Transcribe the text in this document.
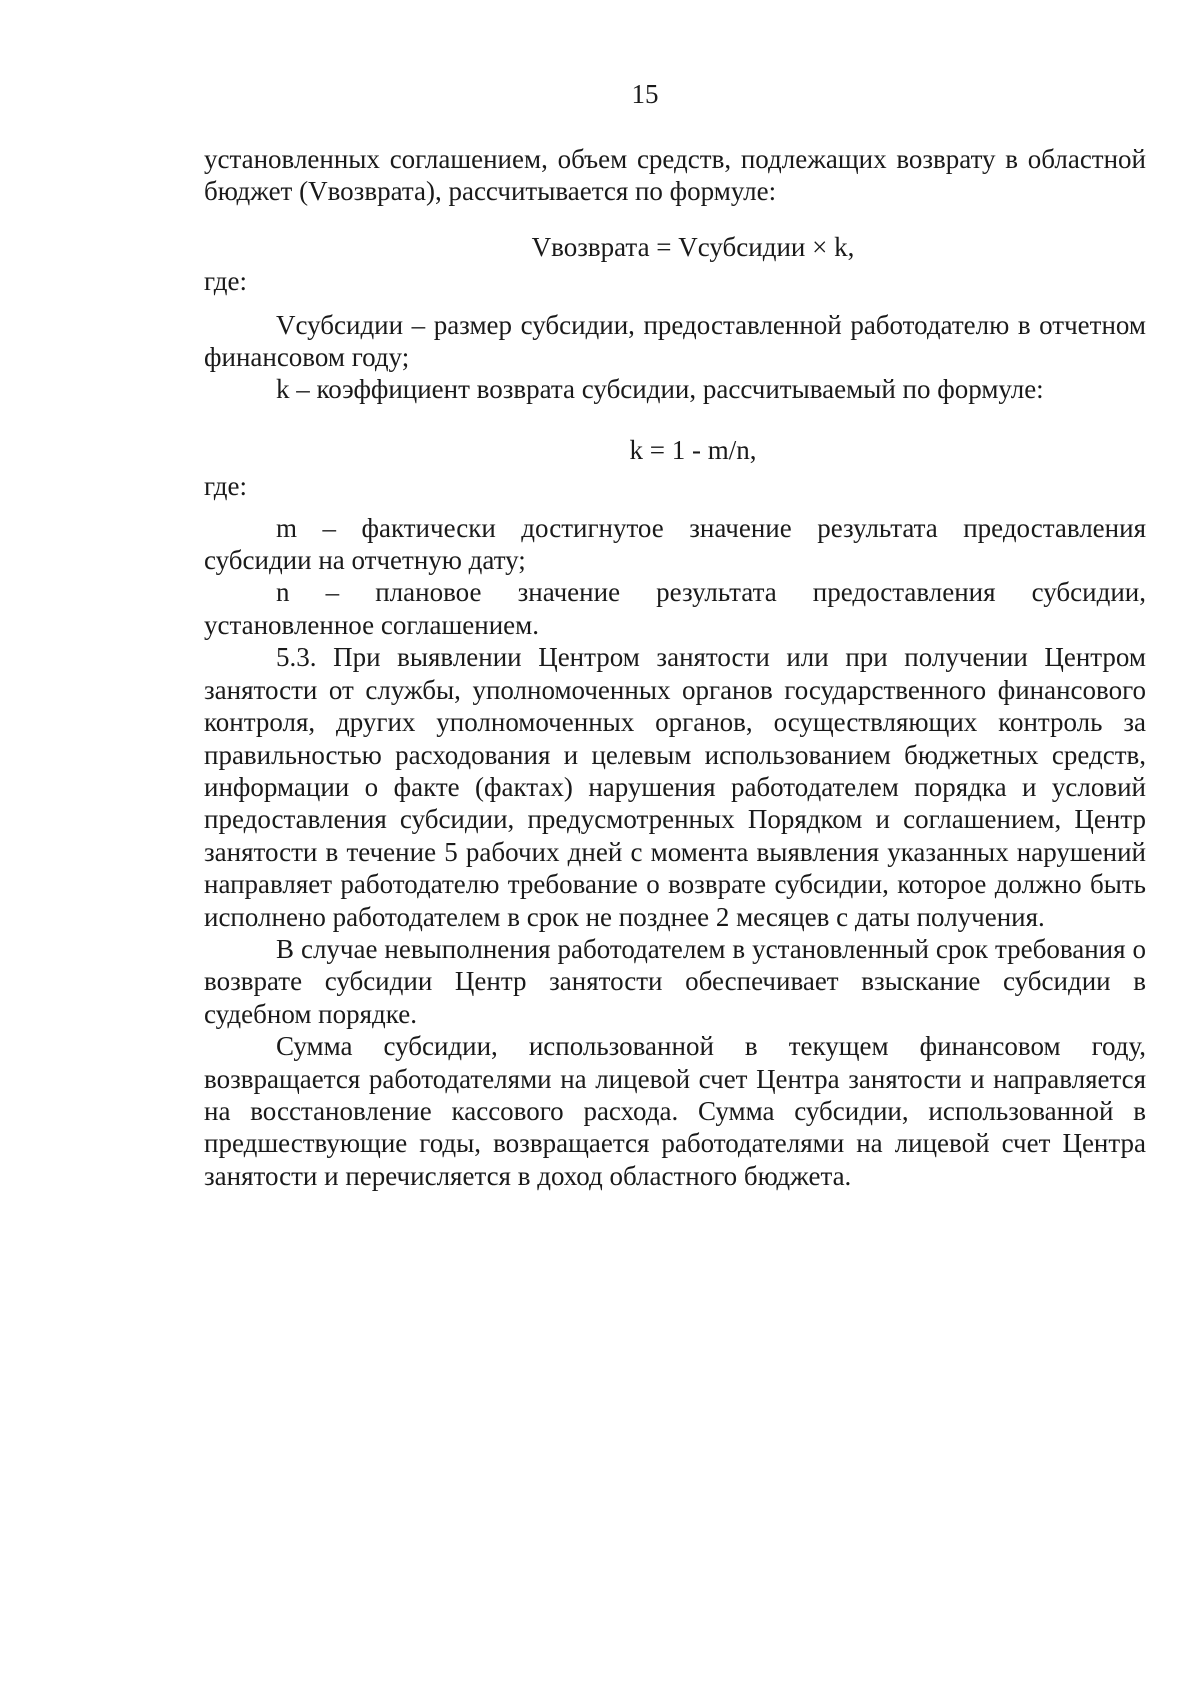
15

установленных соглашением, объем средств, подлежащих возврату в областной бюджет (Vвозврата), рассчитывается по формуле:

Vвозврата = Vсубсидии × k,

где:

Vсубсидии – размер субсидии, предоставленной работодателю в отчетном финансовом году;

k – коэффициент возврата субсидии, рассчитываемый по формуле:

k = 1 - m/n,

где:

m – фактически достигнутое значение результата предоставления субсидии на отчетную дату;

n – плановое значение результата предоставления субсидии, установленное соглашением.

5.3. При выявлении Центром занятости или при получении Центром занятости от службы, уполномоченных органов государственного финансового контроля, других уполномоченных органов, осуществляющих контроль за правильностью расходования и целевым использованием бюджетных средств, информации о факте (фактах) нарушения работодателем порядка и условий предоставления субсидии, предусмотренных Порядком и соглашением, Центр занятости в течение 5 рабочих дней с момента выявления указанных нарушений направляет работодателю требование о возврате субсидии, которое должно быть исполнено работодателем в срок не позднее 2 месяцев с даты получения.

В случае невыполнения работодателем в установленный срок требования о возврате субсидии Центр занятости обеспечивает взыскание субсидии в судебном порядке.

Сумма субсидии, использованной в текущем финансовом году, возвращается работодателями на лицевой счет Центра занятости и направляется на восстановление кассового расхода. Сумма субсидии, использованной в предшествующие годы, возвращается работодателями на лицевой счет Центра занятости и перечисляется в доход областного бюджета.
